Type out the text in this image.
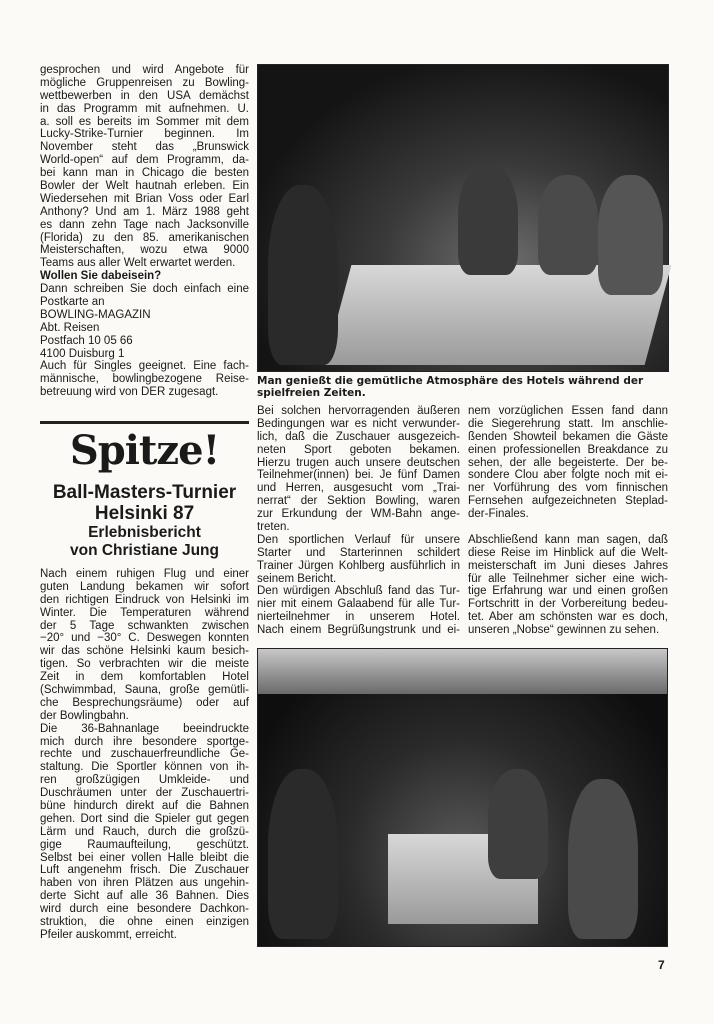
gesprochen und wird Angebote für
mögliche Gruppenreisen zu Bowling-
wettbewerben in den USA demächst
in das Programm mit aufnehmen. U.
a. soll es bereits im Sommer mit dem
Lucky-Strike-Turnier beginnen. Im
November steht das „Brunswick
World-open“ auf dem Programm, da-
bei kann man in Chicago die besten
Bowler der Welt hautnah erleben. Ein
Wiedersehen mit Brian Voss oder Earl
Anthony? Und am 1. März 1988 geht
es dann zehn Tage nach Jacksonville
(Florida) zu den 85. amerikanischen
Meisterschaften, wozu etwa 9000
Teams aus aller Welt erwartet werden.
Wollen Sie dabeisein?
Dann schreiben Sie doch einfach eine
Postkarte an
BOWLING-MAGAZIN
Abt. Reisen
Postfach 10 05 66
4100 Duisburg 1
Auch für Singles geeignet. Eine fach-
männische, bowlingbezogene Reise-
betreuung wird von DER zugesagt.
Man genießt die gemütliche Atmosphäre des Hotels während der spielfreien Zeiten.
Spitze!
Ball-Masters-Turnier
Helsinki 87
Erlebnisbericht
von Christiane Jung
Nach einem ruhigen Flug und einer
guten Landung bekamen wir sofort
den richtigen Eindruck von Helsinki im
Winter. Die Temperaturen während
der 5 Tage schwankten zwischen
−20° und −30° C. Deswegen konnten
wir das schöne Helsinki kaum besich-
tigen. So verbrachten wir die meiste
Zeit in dem komfortablen Hotel
(Schwimmbad, Sauna, große gemütli-
che Besprechungsräume) oder auf
der Bowlingbahn.
Die 36-Bahnanlage beeindruckte
mich durch ihre besondere sportge-
rechte und zuschauerfreundliche Ge-
staltung. Die Sportler können von ih-
ren großzügigen Umkleide- und
Duschräumen unter der Zuschauertri-
büne hindurch direkt auf die Bahnen
gehen. Dort sind die Spieler gut gegen
Lärm und Rauch, durch die großzü-
gige Raumaufteilung, geschützt.
Selbst bei einer vollen Halle bleibt die
Luft angenehm frisch. Die Zuschauer
haben von ihren Plätzen aus ungehin-
derte Sicht auf alle 36 Bahnen. Dies
wird durch eine besondere Dachkon-
struktion, die ohne einen einzigen
Pfeiler auskommt, erreicht.
Bei solchen hervorragenden äußeren
Bedingungen war es nicht verwunder-
lich, daß die Zuschauer ausgezeich-
neten Sport geboten bekamen.
Hierzu trugen auch unsere deutschen
Teilnehmer(innen) bei. Je fünf Damen
und Herren, ausgesucht vom „Trai-
nerrat“ der Sektion Bowling, waren
zur Erkundung der WM-Bahn ange-
treten.
Den sportlichen Verlauf für unsere
Starter und Starterinnen schildert
Trainer Jürgen Kohlberg ausführlich in
seinem Bericht.
Den würdigen Abschluß fand das Tur-
nier mit einem Galaabend für alle Tur-
nierteilnehmer in unserem Hotel.
Nach einem Begrüßungstrunk und ei-
nem vorzüglichen Essen fand dann
die Siegerehrung statt. Im anschlie-
ßenden Showteil bekamen die Gäste
einen professionellen Breakdance zu
sehen, der alle begeisterte. Der be-
sondere Clou aber folgte noch mit ei-
ner Vorführung des vom finnischen
Fernsehen aufgezeichneten Steplad-
der-Finales.
Abschließend kann man sagen, daß
diese Reise im Hinblick auf die Welt-
meisterschaft im Juni dieses Jahres
für alle Teilnehmer sicher eine wich-
tige Erfahrung war und einen großen
Fortschritt in der Vorbereitung bedeu-
tet. Aber am schönsten war es doch,
unseren „Nobse“ gewinnen zu sehen.
7
